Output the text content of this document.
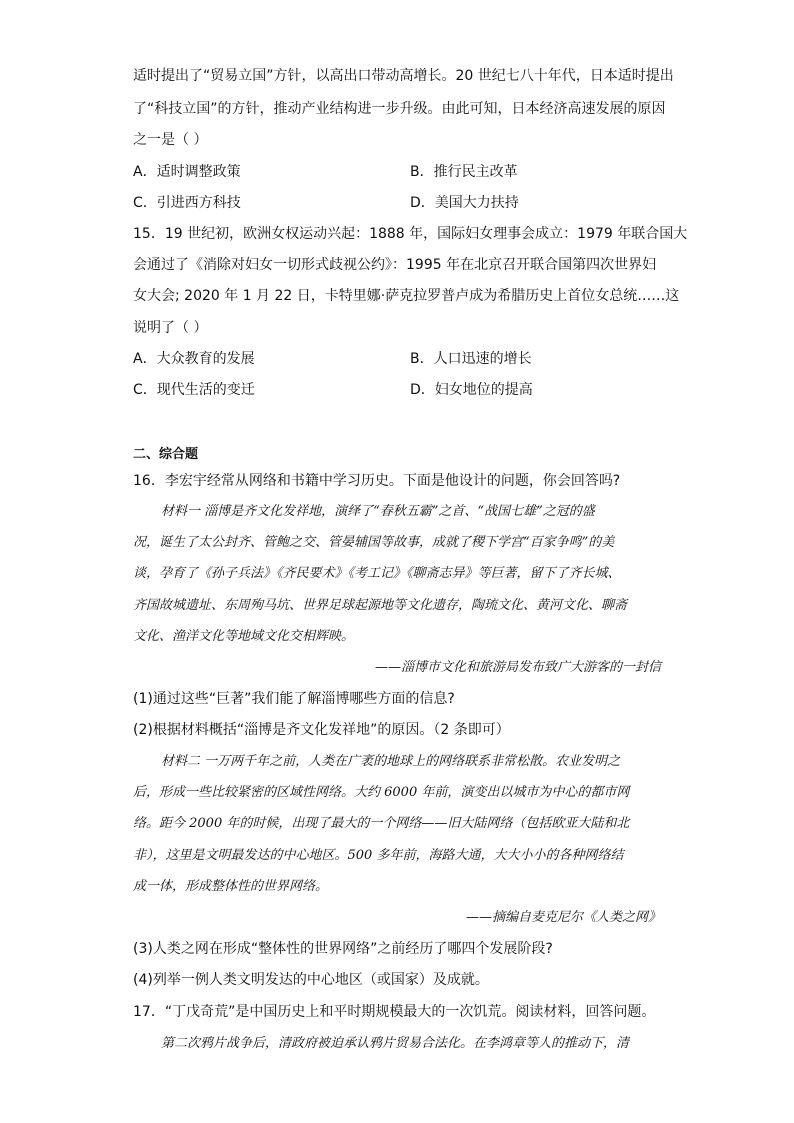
适时提出了“贸易立国”方针，以高出口带动高增长。20 世纪七八十年代，日本适时提出
了“科技立国”的方针，推动产业结构进一步升级。由此可知，日本经济高速发展的原因
之一是（ ）
A．适时调整政策	B．推行民主改革
C．引进西方科技	D．美国大力扶持
15．19 世纪初，欧洲女权运动兴起：1888 年，国际妇女理事会成立：1979 年联合国大
会通过了《消除对妇女一切形式歧视公约》：1995 年在北京召开联合国第四次世界妇
女大会; 2020 年 1 月 22 日，卡特里娜·萨克拉罗普卢成为希腊历史上首位女总统……这
说明了（ ）
A．大众教育的发展	B．人口迅速的增长
C．现代生活的变迁	D．妇女地位的提高
二、综合题
16．李宏宇经常从网络和书籍中学习历史。下面是他设计的问题，你会回答吗?
材料一 淄博是齐文化发祥地，演绎了“春秋五霸”之首、“战国七雄”之冠的盛
况，诞生了太公封齐、管鲍之交、管晏辅国等故事，成就了稷下学宫“百家争鸣”的美
谈，孕育了《孙子兵法》《齐民要术》《考工记》《聊斋志异》等巨著，留下了齐长城、
齐国故城遗址、东周殉马坑、世界足球起源地等文化遗存，陶琉文化、黄河文化、聊斋
文化、渔洋文化等地域文化交相辉映。
——淄博市文化和旅游局发布致广大游客的一封信
(1)通过这些“巨著”我们能了解淄博哪些方面的信息?
(2)根据材料概括“淄博是齐文化发祥地”的原因。（2 条即可）
材料二 一万两千年之前，人类在广袤的地球上的网络联系非常松散。农业发明之
后，形成一些比较紧密的区域性网络。大约 6000 年前，演变出以城市为中心的都市网
络。距今 2000 年的时候，出现了最大的一个网络——旧大陆网络（包括欧亚大陆和北
非），这里是文明最发达的中心地区。500 多年前，海路大通，大大小小的各种网络结
成一体，形成整体性的世界网络。
——摘编自麦克尼尔《人类之网》
(3)人类之网在形成“整体性的世界网络”之前经历了哪四个发展阶段?
(4)列举一例人类文明发达的中心地区（或国家）及成就。
17．“丁戊奇荒”是中国历史上和平时期规模最大的一次饥荒。阅读材料，回答问题。
第二次鸦片战争后，清政府被迫承认鸦片贸易合法化。在李鸿章等人的推动下，清
